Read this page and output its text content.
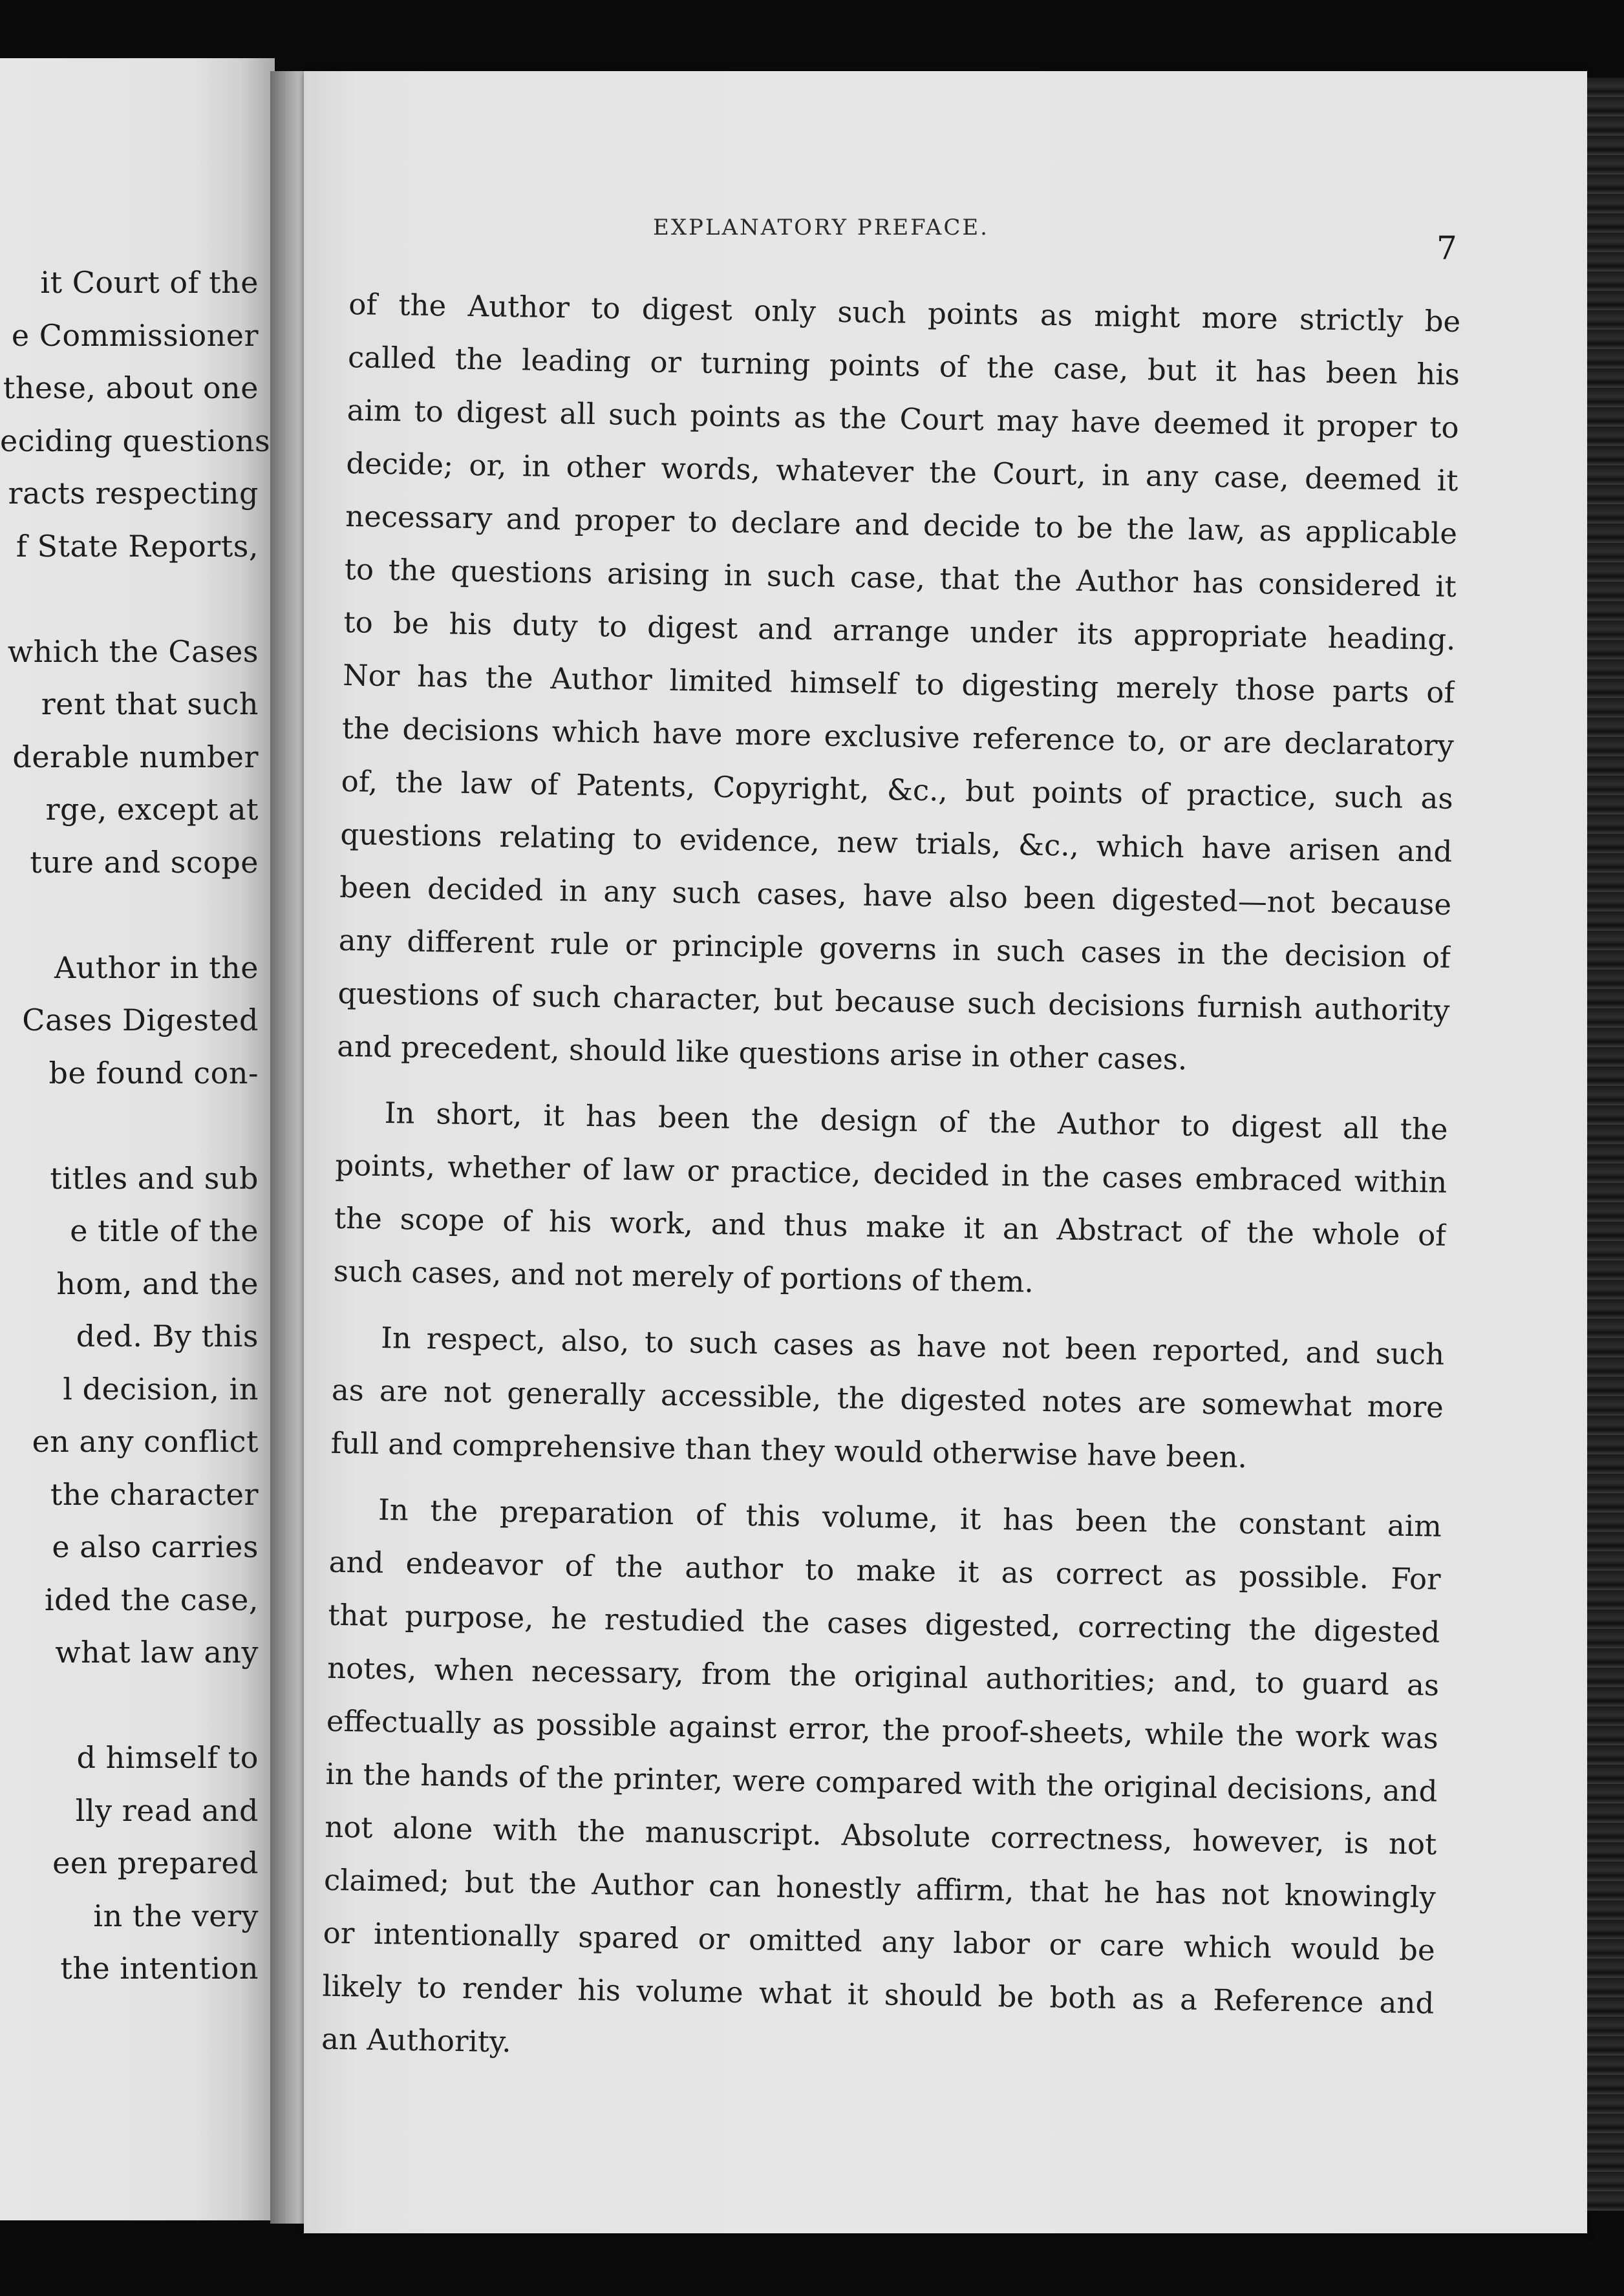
it Court of the
e Commissioner
these, about one
eciding questions
racts respecting
f State Reports,
which the Cases
rent that such
derable number
rge, except at
ture and scope
Author in the
Cases Digested
be found con-
titles and sub
e title of the
hom, and the
ded. By this
l decision, in
en any conflict
the character
e also carries
ided the case,
what law any
d himself to
lly read and
een prepared
in the very
the intention
EXPLANATORY PREFACE.
7
of the Author to digest only such points as might more strictly be
called the leading or turning points of the case, but it has been his
aim to digest all such points as the Court may have deemed it proper to
decide; or, in other words, whatever the Court, in any case, deemed it
necessary and proper to declare and decide to be the law, as applicable
to the questions arising in such case, that the Author has considered it
to be his duty to digest and arrange under its appropriate heading.
Nor has the Author limited himself to digesting merely those parts of
the decisions which have more exclusive reference to, or are declaratory
of, the law of Patents, Copyright, &c., but points of practice, such as
questions relating to evidence, new trials, &c., which have arisen and
been decided in any such cases, have also been digested—not because
any different rule or principle governs in such cases in the decision of
questions of such character, but because such decisions furnish authority
and precedent, should like questions arise in other cases.
In short, it has been the design of the Author to digest all the
points, whether of law or practice, decided in the cases embraced within
the scope of his work, and thus make it an Abstract of the whole of
such cases, and not merely of portions of them.
In respect, also, to such cases as have not been reported, and such
as are not generally accessible, the digested notes are somewhat more
full and comprehensive than they would otherwise have been.
In the preparation of this volume, it has been the constant aim
and endeavor of the author to make it as correct as possible. For
that purpose, he restudied the cases digested, correcting the digested
notes, when necessary, from the original authorities; and, to guard as
effectually as possible against error, the proof-sheets, while the work was
in the hands of the printer, were compared with the original decisions, and
not alone with the manuscript. Absolute correctness, however, is not
claimed; but the Author can honestly affirm, that he has not knowingly
or intentionally spared or omitted any labor or care which would be
likely to render his volume what it should be both as a Reference and
an Authority.
